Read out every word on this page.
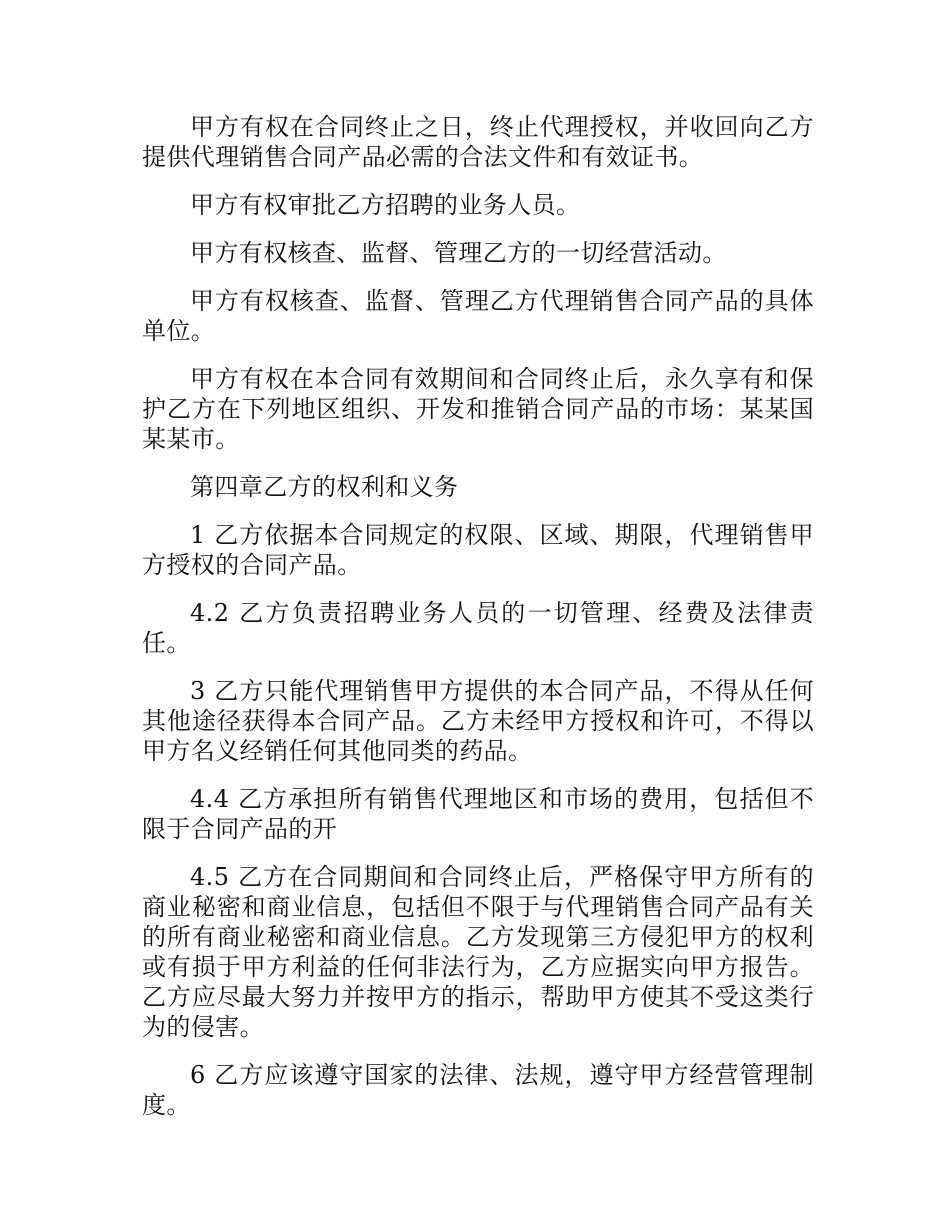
甲方有权在合同终止之日，终止代理授权，并收回向乙方提供代理销售合同产品必需的合法文件和有效证书。

甲方有权审批乙方招聘的业务人员。

甲方有权核查、监督、管理乙方的一切经营活动。

甲方有权核查、监督、管理乙方代理销售合同产品的具体单位。

甲方有权在本合同有效期间和合同终止后，永久享有和保护乙方在下列地区组织、开发和推销合同产品的市场：某某国某某市。

第四章乙方的权利和义务

1 乙方依据本合同规定的权限、区域、期限，代理销售甲方授权的合同产品。

4.2 乙方负责招聘业务人员的一切管理、经费及法律责任。

3 乙方只能代理销售甲方提供的本合同产品，不得从任何其他途径获得本合同产品。乙方未经甲方授权和许可，不得以甲方名义经销任何其他同类的药品。

4.4 乙方承担所有销售代理地区和市场的费用，包括但不限于合同产品的开

4.5 乙方在合同期间和合同终止后，严格保守甲方所有的商业秘密和商业信息，包括但不限于与代理销售合同产品有关的所有商业秘密和商业信息。乙方发现第三方侵犯甲方的权利或有损于甲方利益的任何非法行为，乙方应据实向甲方报告。乙方应尽最大努力并按甲方的指示，帮助甲方使其不受这类行为的侵害。

6 乙方应该遵守国家的法律、法规，遵守甲方经营管理制度。
